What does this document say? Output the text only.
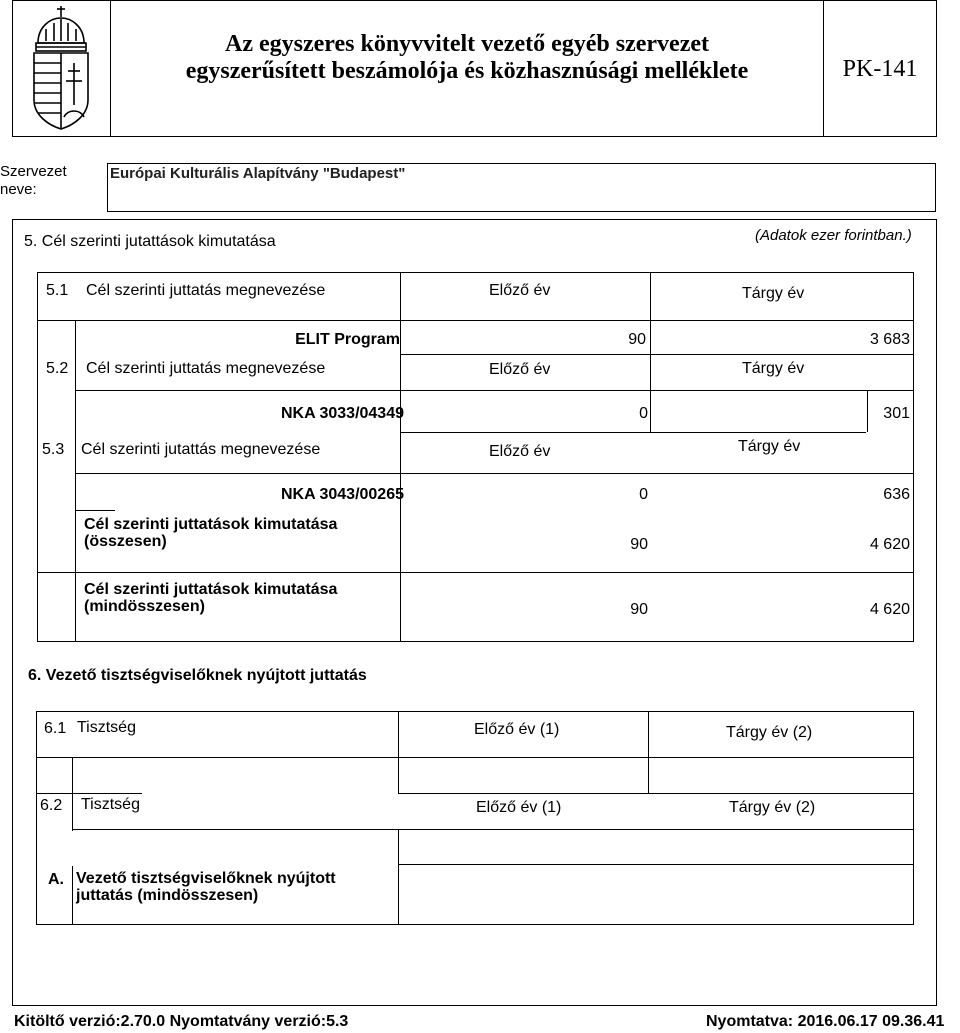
Az egyszeres könyvvitelt vezető egyéb szervezet
egyszerűsített beszámolója és közhasznúsági melléklete	PK-141
Szervezet
neve:
Európai Kulturális Alapítvány "Budapest"
5. Cél szerinti jutattások kimutatása	(Adatok ezer forintban.)
5.1 Cél szerinti juttatás megnevezése	Előző év	Tárgy év
ELIT Program	90	3 683
5.2 Cél szerinti juttatás megnevezése	Előző év	Tárgy év
NKA 3033/04349	0	301
5.3 Cél szerinti jutattás megnevezése	Előző év	Tárgy év
NKA 3043/00265	0	636
Cél szerinti juttatások kimutatása
(összesen)	90	4 620
Cél szerinti juttatások kimutatása
(mindösszesen)	90	4 620
6. Vezető tisztségviselőknek nyújtott juttatás
6.1 Tisztség	Előző év (1)	Tárgy év (2)
6.2 Tisztség	Előző év (1)	Tárgy év (2)
A. Vezető tisztségviselőknek nyújtott
juttatás (mindösszesen)
Kitöltő verzió:2.70.0 Nyomtatvány verzió:5.3	Nyomtatva: 2016.06.17 09.36.41
